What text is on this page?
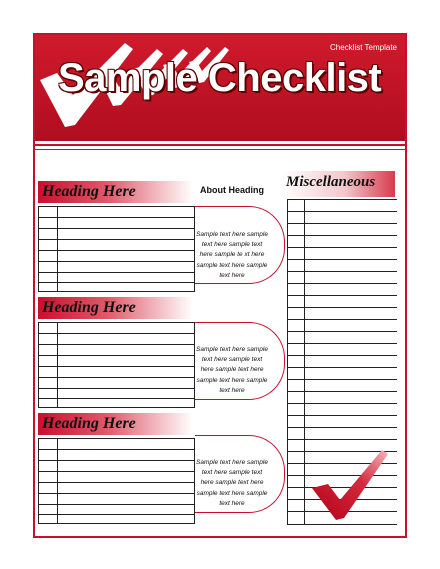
Checklist Template
Sample Checklist
Heading Here	About Heading
Sample text here sample
text here sample text
here sample te xt here
sample text here sample
text here
Heading Here
Sample text here sample
text here sample text
here sample text here
sample text here sample
text here
Heading Here
Sample text here sample
text here sample text
here sample text here
sample text here sample
text here
Miscellaneous
